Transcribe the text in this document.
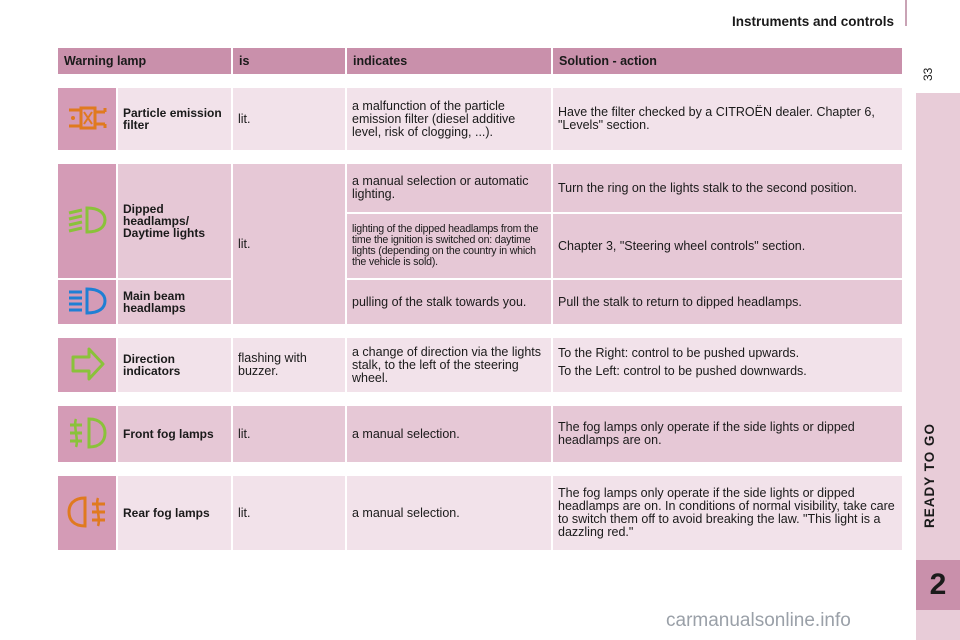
Instruments and controls
33
READY TO GO
2
Warning lamp		is	indicates	Solution - action

	Particle emission filter	lit.	a malfunction of the particle emission filter (diesel additive level, risk of clogging, ...).	Have the filter checked by a CITROËN dealer. Chapter 6, "Levels" section.

	Dipped headlamps/ Daytime lights	lit.	a manual selection or automatic lighting.	Turn the ring on the lights stalk to the second position.
			lighting of the dipped headlamps from the time the ignition is switched on: daytime lights (depending on the country in which the vehicle is sold).	Chapter 3, "Steering wheel controls" section.
	Main beam headlamps		pulling of the stalk towards you.	Pull the stalk to return to dipped headlamps.

	Direction indicators	flashing with buzzer.	a change of direction via the lights stalk, to the left of the steering wheel.	To the Right: control to be pushed upwards.

To the Left: control to be pushed downwards.

	Front fog lamps	lit.	a manual selection.	The fog lamps only operate if the side lights or dipped headlamps are on.

	Rear fog lamps	lit.	a manual selection.	The fog lamps only operate if the side lights or dipped headlamps are on. In conditions of normal visibility, take care to switch them off to avoid breaking the law. "This light is a dazzling red."
carmanualsonline.info
